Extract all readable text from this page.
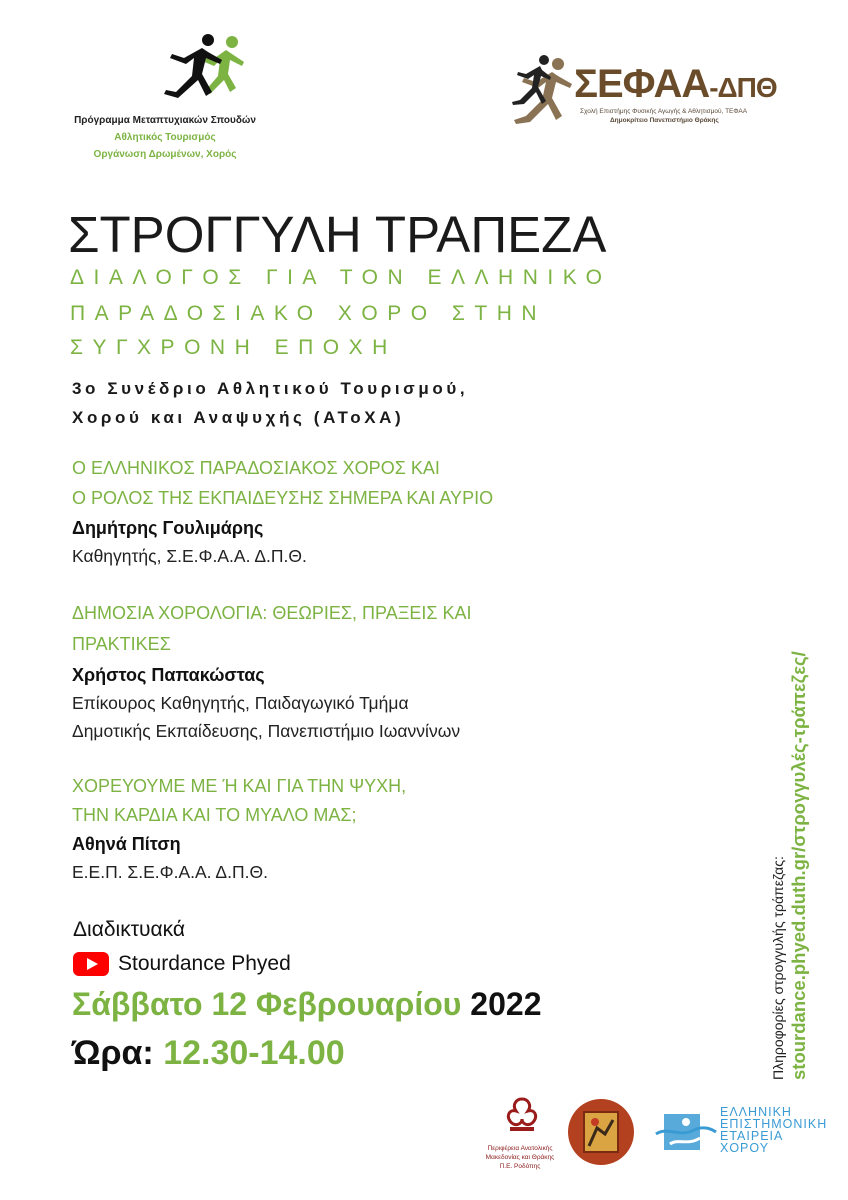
Πρόγραμμα Μεταπτυχιακών Σπουδών
Αθλητικός Τουρισμός
Οργάνωση Δρωμένων, Χορός
ΣΕΦΑΑ-ΔΠΘ
Σχολή Επιστήμης Φυσικής Αγωγής & Αθλητισμού, ΤΕΦΑΑ
Δημοκρίτειο Πανεπιστήμιο Θράκης
ΣΤΡΟΓΓΥΛΗ ΤΡΑΠΕΖΑ
ΔΙΑΛΟΓΟΣ ΓΙΑ ΤΟΝ ΕΛΛΗΝΙΚΟ
ΠΑΡΑΔΟΣΙΑΚΟ ΧΟΡΟ ΣΤΗΝ
ΣΥΓΧΡΟΝΗ ΕΠΟΧΗ
3ο Συνέδριο Αθλητικού Τουρισμού,
Χορού και Αναψυχής (ΑΤοΧΑ)
Ο ΕΛΛΗΝΙΚΟΣ ΠΑΡΑΔΟΣΙΑΚΟΣ ΧΟΡΟΣ ΚΑΙ
Ο ΡΟΛΟΣ ΤΗΣ ΕΚΠΑΙΔΕΥΣΗΣ ΣΗΜΕΡΑ ΚΑΙ ΑΥΡΙΟ
Δημήτρης Γουλιμάρης
Καθηγητής, Σ.Ε.Φ.Α.Α. Δ.Π.Θ.
ΔΗΜΟΣΙΑ ΧΟΡΟΛΟΓΙΑ: ΘΕΩΡΙΕΣ, ΠΡΑΞΕΙΣ ΚΑΙ
ΠΡΑΚΤΙΚΕΣ
Χρήστος Παπακώστας
Επίκουρος Καθηγητής, Παιδαγωγικό Τμήμα
Δημοτικής Εκπαίδευσης, Πανεπιστήμιο Ιωαννίνων
ΧΟΡΕΥΟΥΜΕ ΜΕ Ή ΚΑΙ ΓΙΑ ΤΗΝ ΨΥΧΗ,
ΤΗΝ ΚΑΡΔΙΑ ΚΑΙ ΤΟ ΜΥΑΛΟ ΜΑΣ;
Αθηνά Πίτση
Ε.Ε.Π. Σ.Ε.Φ.Α.Α. Δ.Π.Θ.
Διαδικτυακά
Stourdance Phyed
Σάββατο 12 Φεβρουαρίου 2022
Ώρα: 12.30-14.00	Πληροφορίες στρογγυλής τράπεζας: stourdance.phyed.duth.gr/στρογγυλές-τράπεζες/
Περιφέρεια Ανατολικής
Μακεδονίας και Θράκης
Π.Ε. Ροδόπης
ΕΛΛΗΝΙΚΗ
ΕΠΙΣΤΗΜΟΝΙΚΗ
ΕΤΑΙΡΕΙΑ
ΧΟΡΟΥ
